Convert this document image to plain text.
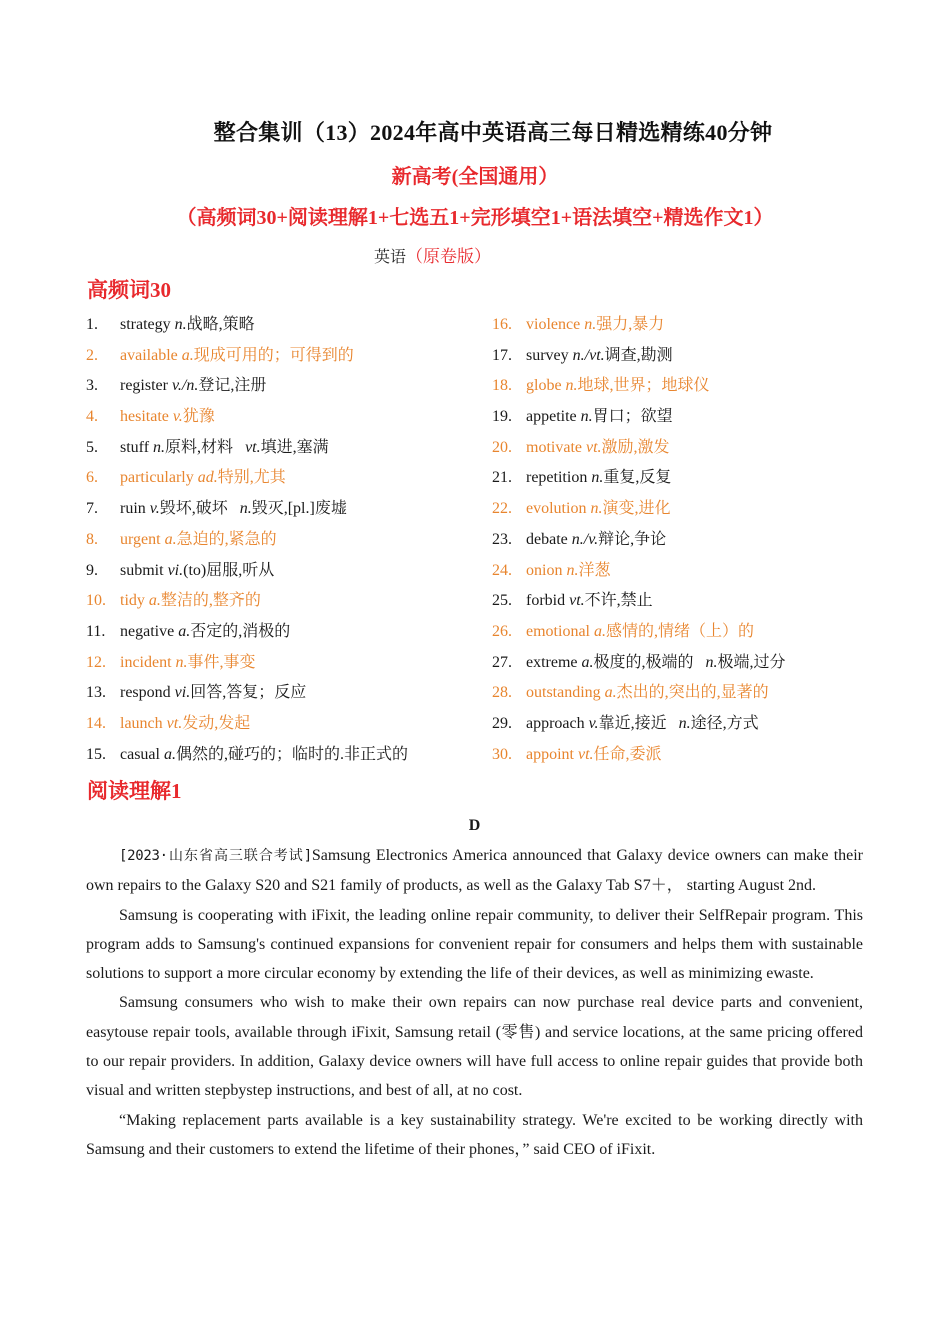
整合集训（13）2024年高中英语高三每日精选精练40分钟
新高考(全国通用）
（高频词30+阅读理解1+七选五1+完形填空1+语法填空+精选作文1）
英语（原卷版）
高频词30
1. strategy n.战略,策略
2. available a.现成可用的；可得到的
3. register v./n.登记,注册
4. hesitate v.犹豫
5. stuff n.原料,材料   vt.填进,塞满
6. particularly ad.特别,尤其
7. ruin v.毁坏,破坏   n.毁灭,[pl.]废墟
8. urgent a.急迫的,紧急的
9. submit vi.(to)屈服,听从
10. tidy a.整洁的,整齐的
11. negative a.否定的,消极的
12. incident n.事件,事变
13. respond vi.回答,答复；反应
14. launch vt.发动,发起
15. casual a.偶然的,碰巧的；临时的.非正式的
16. violence n.强力,暴力
17. survey n./vt.调查,勘测
18. globe n.地球,世界；地球仪
19. appetite n.胃口；欲望
20. motivate vt.激励,激发
21. repetition n.重复,反复
22. evolution n.演变,进化
23. debate n./v.辩论,争论
24. onion n.洋葱
25. forbid vt.不许,禁止
26. emotional a.感情的,情绪（上）的
27. extreme a.极度的,极端的   n.极端,过分
28. outstanding a.杰出的,突出的,显著的
29. approach v.靠近,接近   n.途径,方式
30. appoint vt.任命,委派
阅读理解1
D

[2023·山东省高三联合考试]Samsung Electronics America announced that Galaxy device owners can make their own repairs to the Galaxy S20 and S21 family of products, as well as the Galaxy Tab S7＋， starting August 2nd.

Samsung is cooperating with iFixit, the leading online repair community, to deliver their SelfRepair program. This program adds to Samsung's continued expansions for convenient repair for consumers and helps them with sustainable solutions to support a more circular economy by extending the life of their devices, as well as minimizing ewaste.

Samsung consumers who wish to make their own repairs can now purchase real device parts and convenient, easytouse repair tools, available through iFixit, Samsung retail (零售) and service locations, at the same pricing offered to our repair providers. In addition, Galaxy device owners will have full access to online repair guides that provide both visual and written stepbystep instructions, and best of all, at no cost.

“Making replacement parts available is a key sustainability strategy. We're excited to be working directly with Samsung and their customers to extend the lifetime of their phones，” said CEO of iFixit.
